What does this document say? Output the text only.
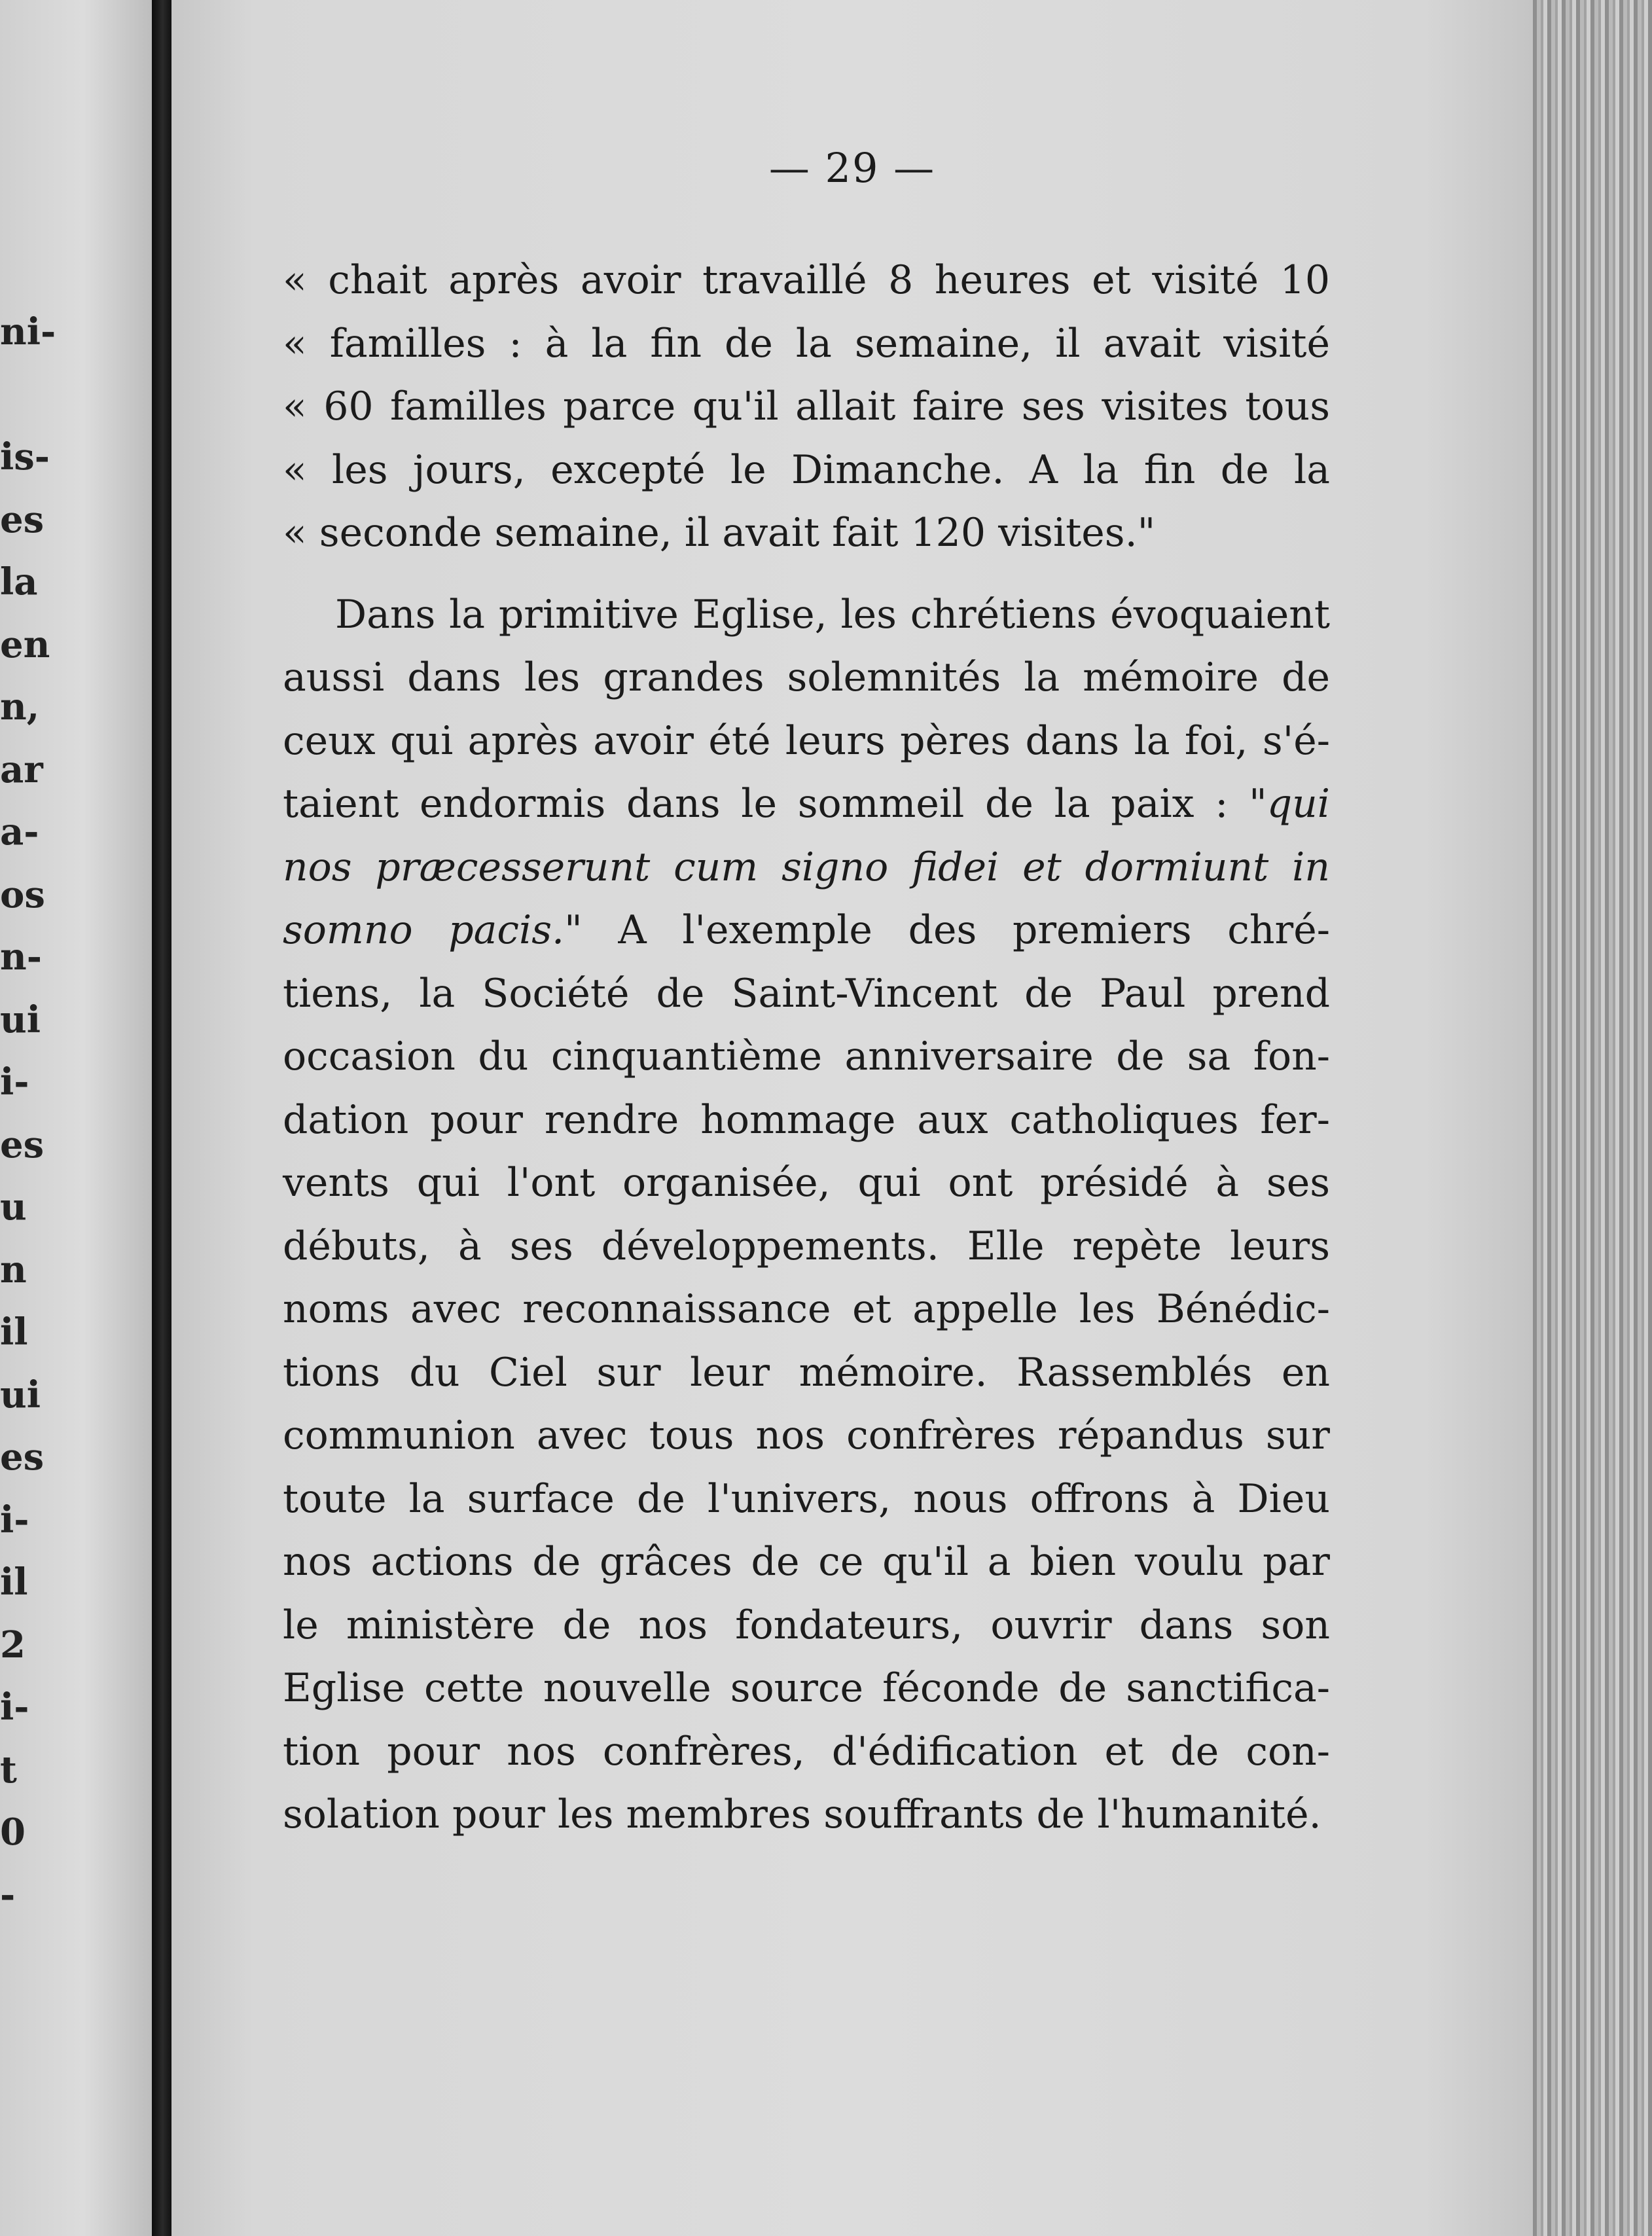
ni-
is-
es
la
en
n,
ar
a-
os
n-
ui
i-
es
u
n
il
ui
es
i-
il
2
i-
t
0
-
— 29 —
« chait après avoir travaillé 8 heures et visité 10
« familles : à la fin de la semaine, il avait visité
« 60 familles parce qu'il allait faire ses visites tous
« les jours, excepté le Dimanche. A la fin de la
« seconde semaine, il avait fait 120 visites."
Dans la primitive Eglise, les chrétiens évoquaient
aussi dans les grandes solemnités la mémoire de
ceux qui après avoir été leurs pères dans la foi, s'é-
taient endormis dans le sommeil de la paix : "qui
nos præcesserunt cum signo fidei et dormiunt in
somno pacis." A l'exemple des premiers chré-
tiens, la Société de Saint-Vincent de Paul prend
occasion du cinquantième anniversaire de sa fon-
dation pour rendre hommage aux catholiques fer-
vents qui l'ont organisée, qui ont présidé à ses
débuts, à ses développements. Elle repète leurs
noms avec reconnaissance et appelle les Bénédic-
tions du Ciel sur leur mémoire. Rassemblés en
communion avec tous nos confrères répandus sur
toute la surface de l'univers, nous offrons à Dieu
nos actions de grâces de ce qu'il a bien voulu par
le ministère de nos fondateurs, ouvrir dans son
Eglise cette nouvelle source féconde de sanctifica-
tion pour nos confrères, d'édification et de con-
solation pour les membres souffrants de l'humanité.
